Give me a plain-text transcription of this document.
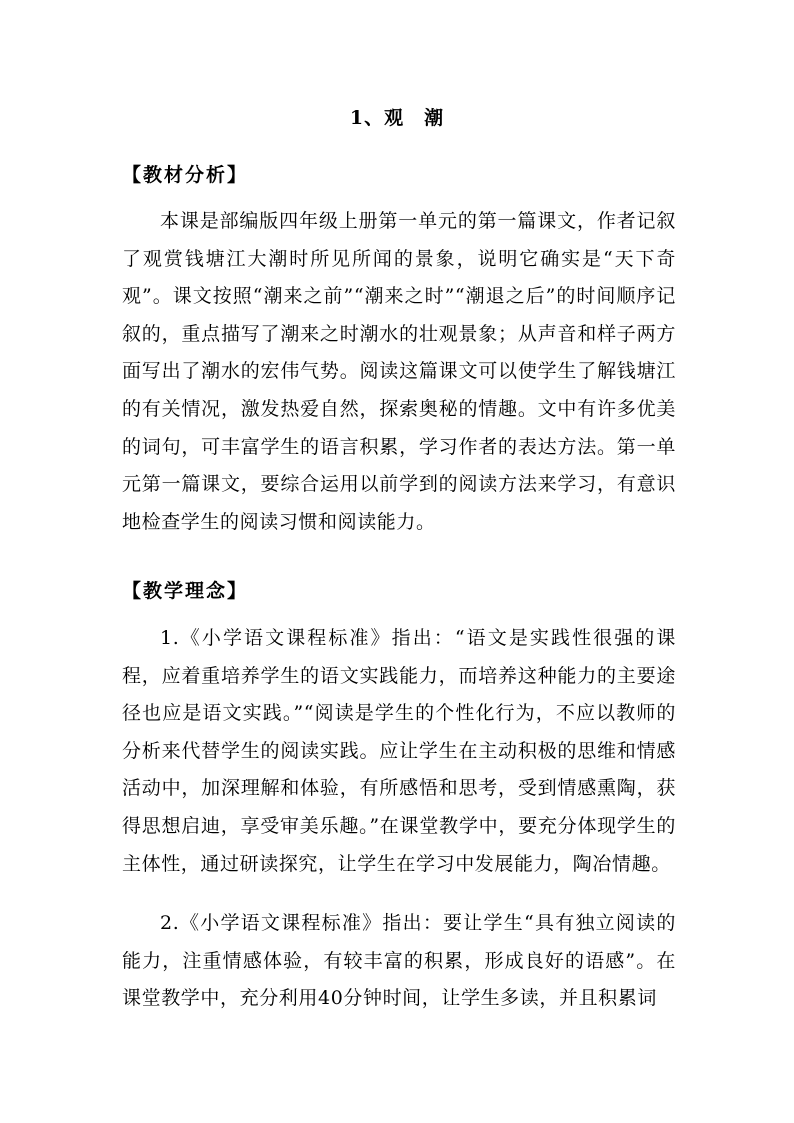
1、观　潮
【教材分析】

本课是部编版四年级上册第一单元的第一篇课文，作者记叙了观赏钱塘江大潮时所见所闻的景象，说明它确实是“天下奇观”。课文按照“潮来之前”“潮来之时”“潮退之后”的时间顺序记叙的，重点描写了潮来之时潮水的壮观景象；从声音和样子两方面写出了潮水的宏伟气势。阅读这篇课文可以使学生了解钱塘江的有关情况，激发热爱自然，探索奥秘的情趣。文中有许多优美的词句，可丰富学生的语言积累，学习作者的表达方法。第一单元第一篇课文，要综合运用以前学到的阅读方法来学习，有意识地检查学生的阅读习惯和阅读能力。

【教学理念】

1.《小学语文课程标准》指出：“语文是实践性很强的课程，应着重培养学生的语文实践能力，而培养这种能力的主要途径也应是语文实践。”“阅读是学生的个性化行为，不应以教师的分析来代替学生的阅读实践。应让学生在主动积极的思维和情感活动中，加深理解和体验，有所感悟和思考，受到情感熏陶，获得思想启迪，享受审美乐趣。”在课堂教学中，要充分体现学生的主体性，通过研读探究，让学生在学习中发展能力，陶冶情趣。

2.《小学语文课程标准》指出：要让学生“具有独立阅读的能力，注重情感体验，有较丰富的积累，形成良好的语感”。在课堂教学中，充分利用40分钟时间，让学生多读，并且积累词
